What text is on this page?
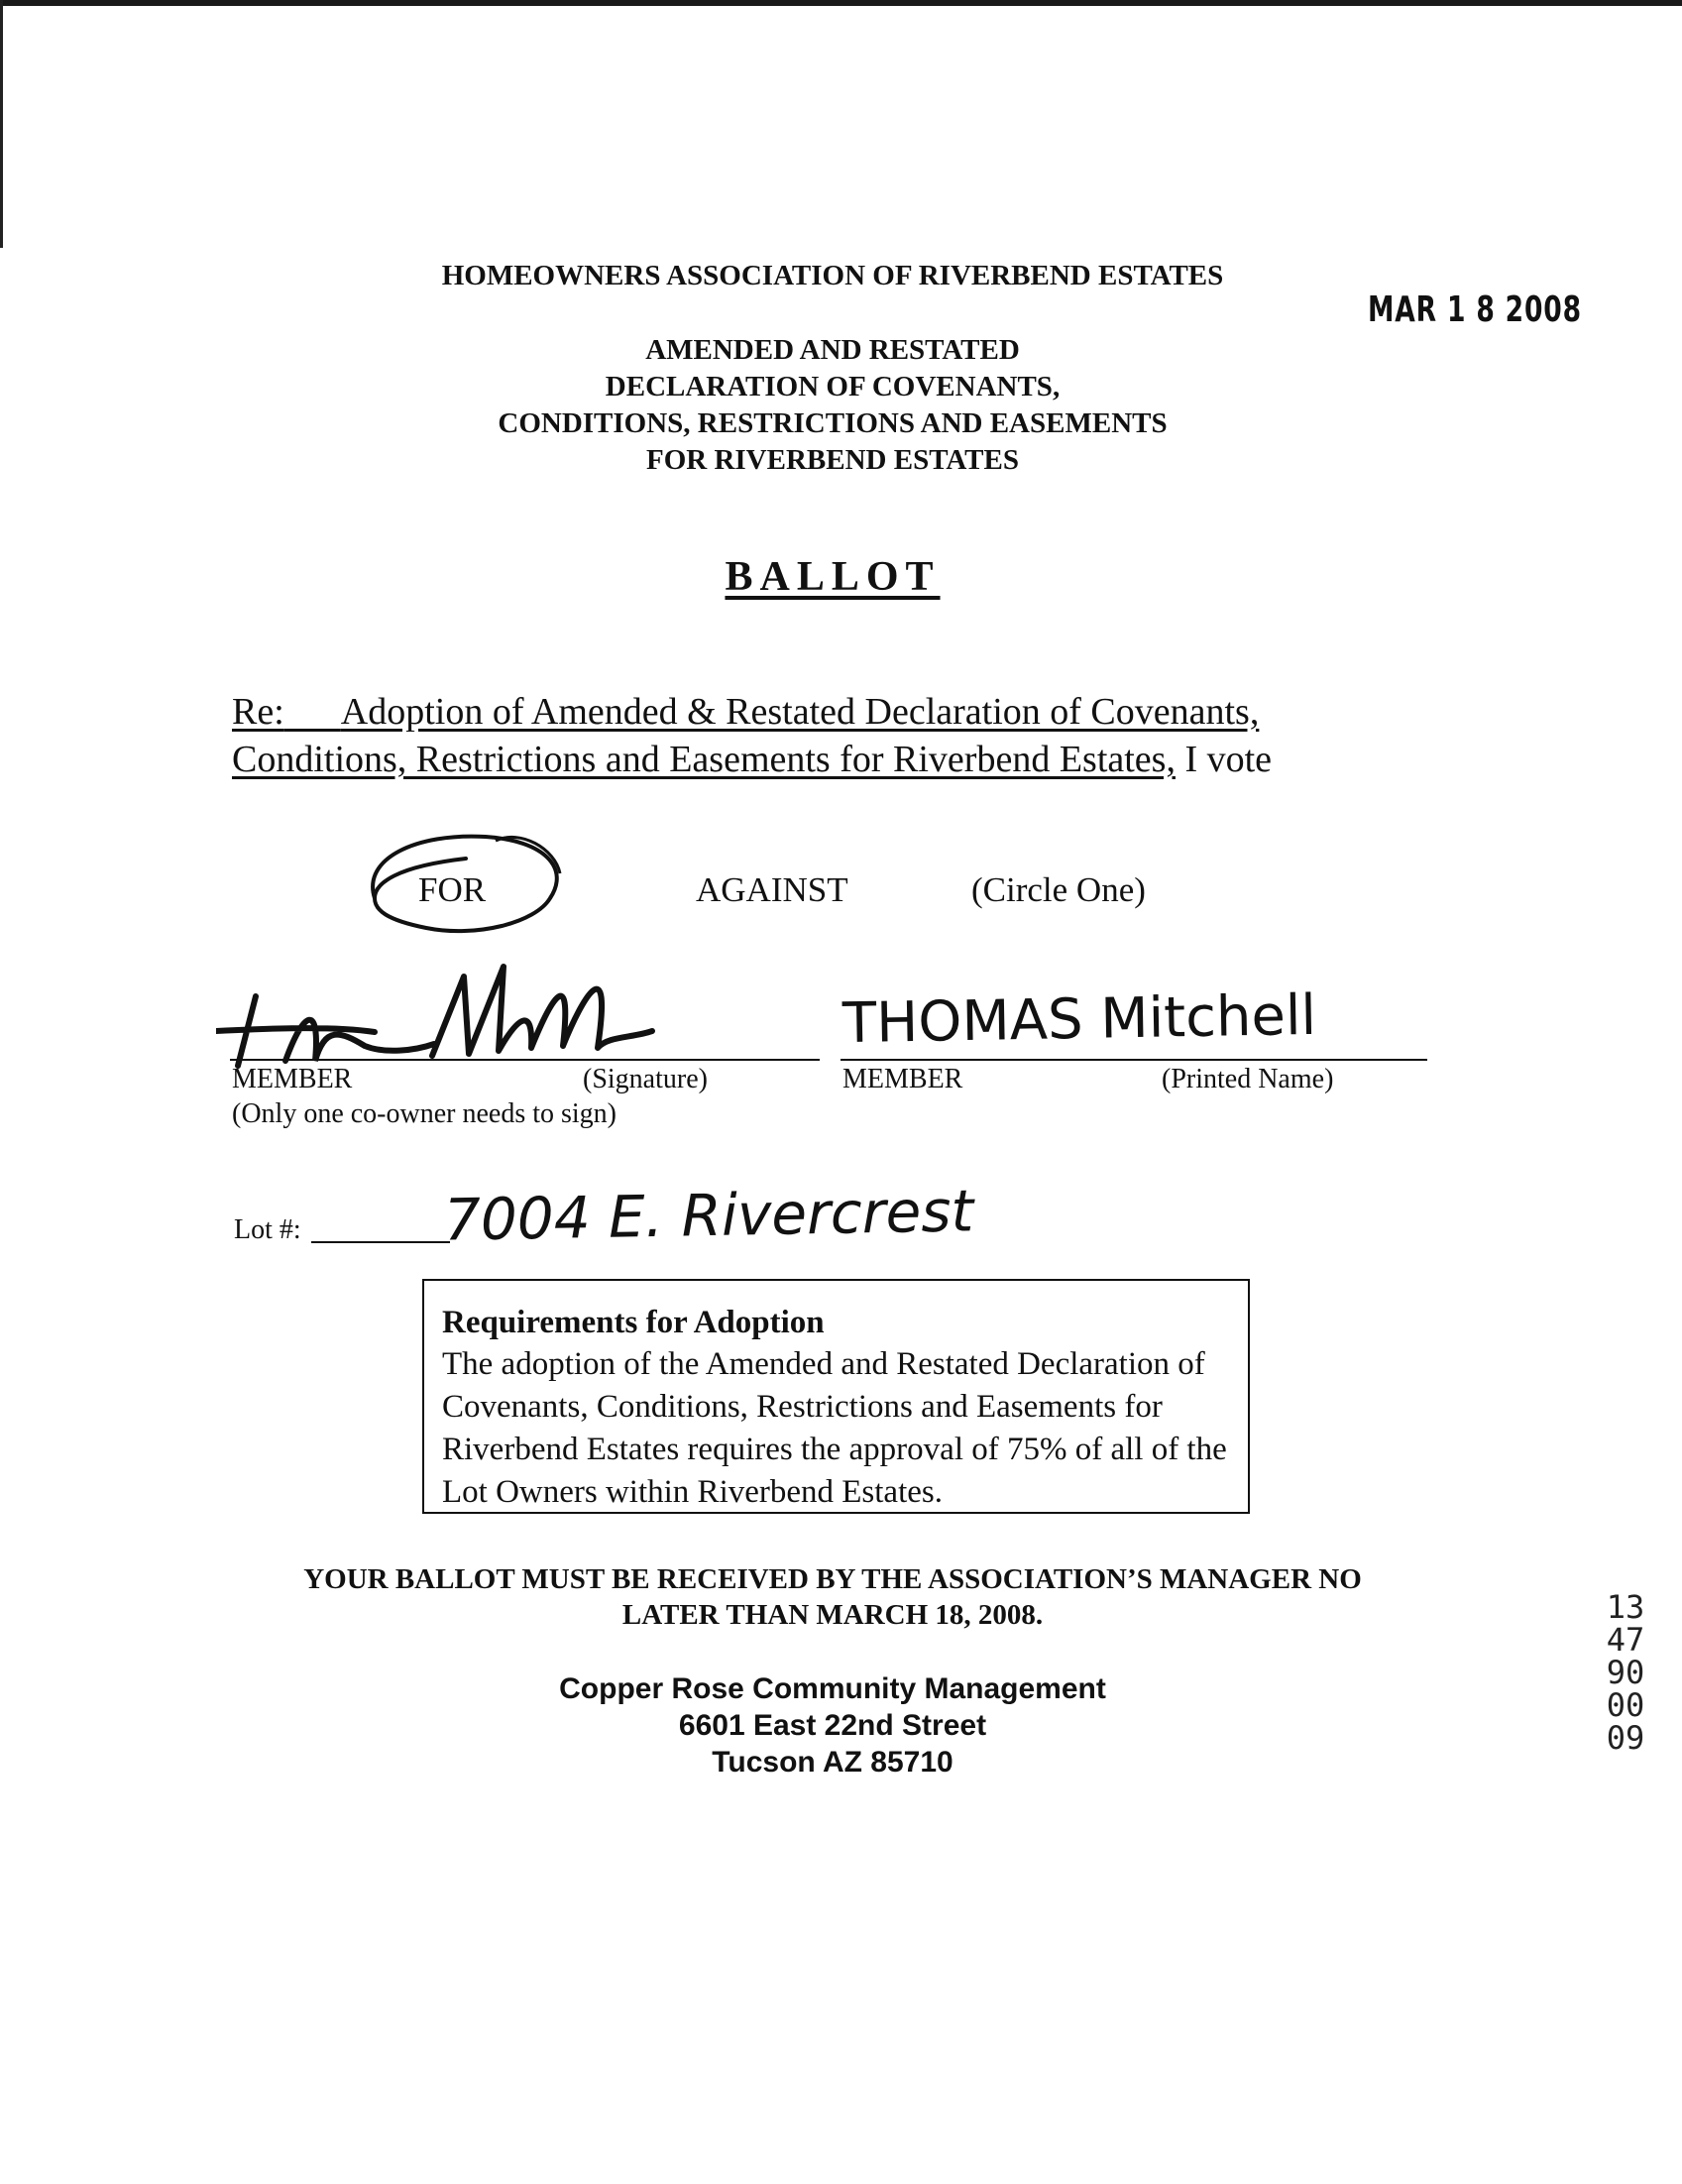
HOMEOWNERS ASSOCIATION OF RIVERBEND ESTATES
MAR 1 8 2008
AMENDED AND RESTATED
DECLARATION OF COVENANTS,
CONDITIONS, RESTRICTIONS AND EASEMENTS
FOR RIVERBEND ESTATES
BALLOT
Re: Adoption of Amended & Restated Declaration of Covenants,
Conditions, Restrictions and Easements for Riverbend Estates, I vote
FOR	AGAINST	(Circle One)
THOMAS Mitchell
MEMBER	(Signature)
(Only one co-owner needs to sign)
MEMBER	(Printed Name)
Lot #: 7004 E. Rivercrest
Requirements for Adoption
The adoption of the Amended and Restated Declaration of Covenants, Conditions, Restrictions and Easements for Riverbend Estates requires the approval of 75% of all of the Lot Owners within Riverbend Estates.
YOUR BALLOT MUST BE RECEIVED BY THE ASSOCIATION’S MANAGER NO
LATER THAN MARCH 18, 2008.
Copper Rose Community Management
6601 East 22nd Street
Tucson AZ 85710
1347900009
